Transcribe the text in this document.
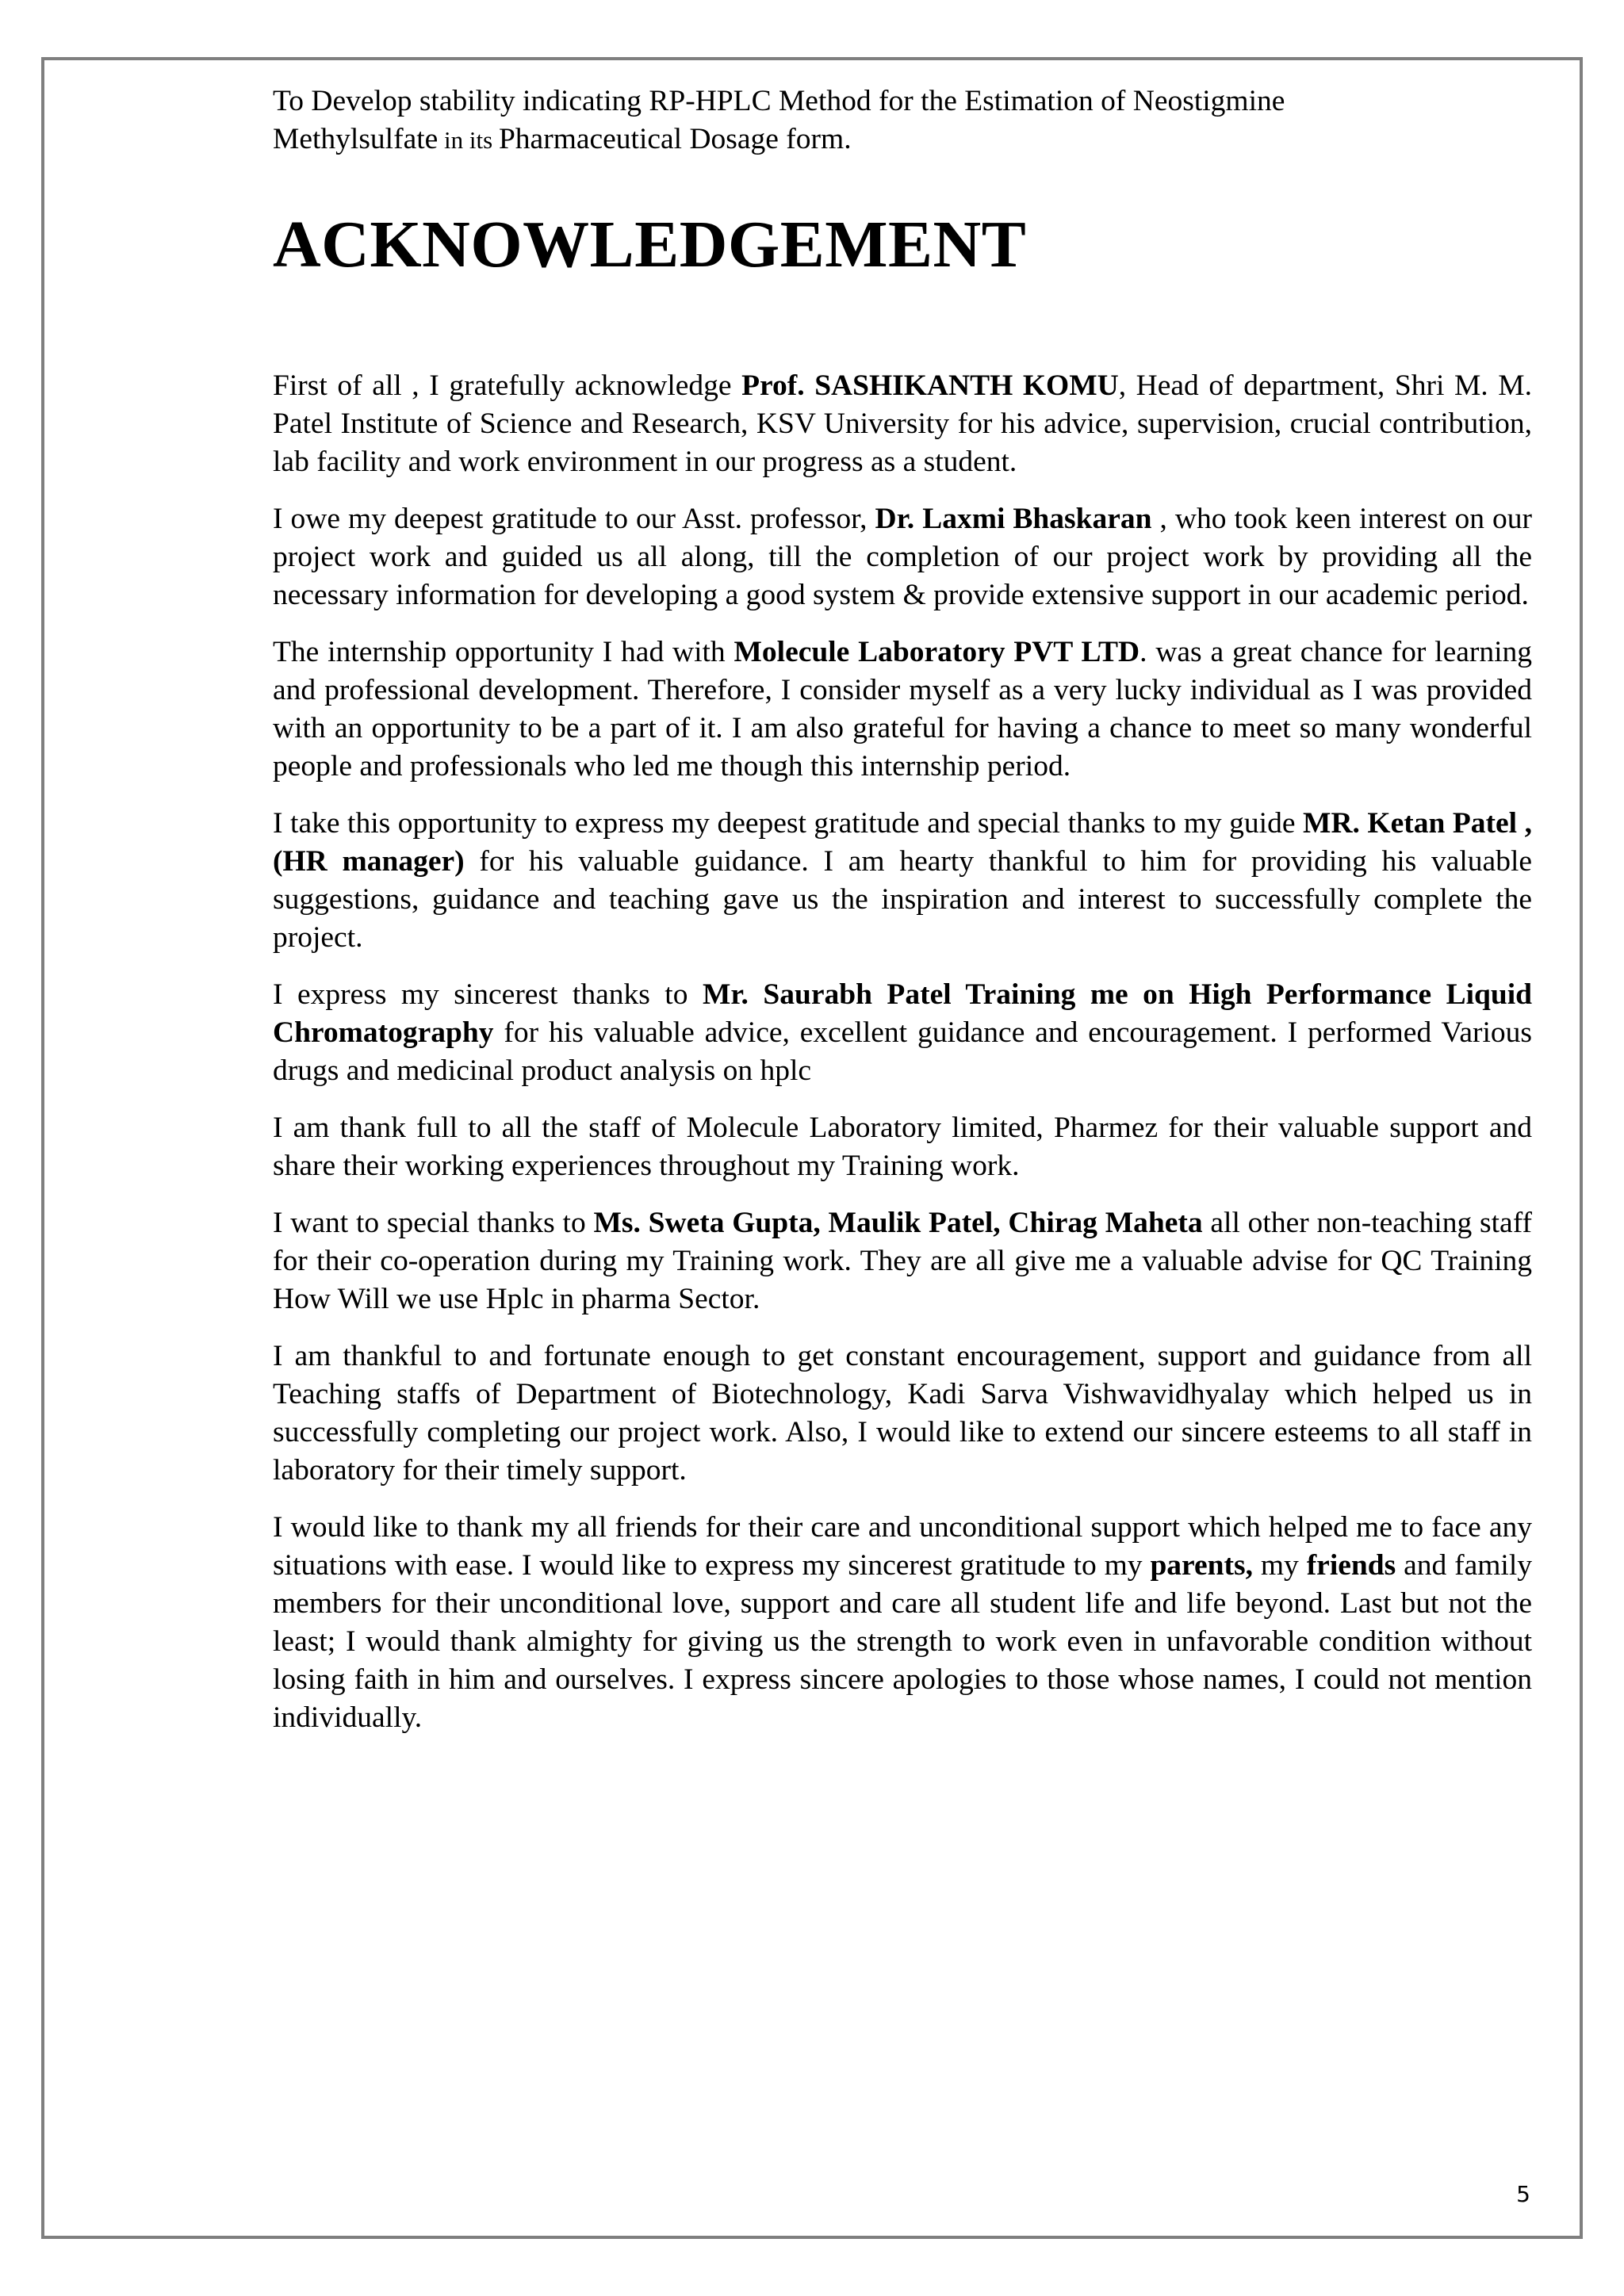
To Develop stability indicating RP-HPLC Method for the Estimation of Neostigmine

Methylsulfate in its Pharmaceutical Dosage form.

ACKNOWLEDGEMENT

First of all , I gratefully acknowledge Prof. SASHIKANTH KOMU, Head of department, Shri M. M. Patel Institute of Science and Research, KSV University for his advice, supervision, crucial contribution, lab facility and work environment in our progress as a student.

I owe my deepest gratitude to our Asst. professor, Dr. Laxmi Bhaskaran , who took keen interest on our project work and guided us all along, till the completion of our project work by providing all the necessary information for developing a good system & provide extensive support in our academic period.

The internship opportunity I had with Molecule Laboratory PVT LTD. was a great chance for learning and professional development. Therefore, I consider myself as a very lucky individual as I was provided with an opportunity to be a part of it. I am also grateful for having a chance to meet so many wonderful people and professionals who led me though this internship period.

I take this opportunity to express my deepest gratitude and special thanks to my guide MR. Ketan Patel , (HR manager) for his valuable guidance. I am hearty thankful to him for providing his valuable suggestions, guidance and teaching gave us the inspiration and interest to successfully complete the project.

I express my sincerest thanks to Mr. Saurabh Patel Training me on High Performance Liquid Chromatography for his valuable advice, excellent guidance and encouragement. I performed Various drugs and medicinal product analysis on hplc

I am thank full to all the staff of Molecule Laboratory limited, Pharmez for their valuable support and share their working experiences throughout my Training work.

I want to special thanks to Ms. Sweta Gupta, Maulik Patel, Chirag Maheta all other non-teaching staff for their co-operation during my Training work. They are all give me a valuable advise for QC Training How Will we use Hplc in pharma Sector.

I am thankful to and fortunate enough to get constant encouragement, support and guidance from all Teaching staffs of Department of Biotechnology, Kadi Sarva Vishwavidhyalay which helped us in successfully completing our project work. Also, I would like to extend our sincere esteems to all staff in laboratory for their timely support.

I would like to thank my all friends for their care and unconditional support which helped me to face any situations with ease. I would like to express my sincerest gratitude to my parents, my friends and family members for their unconditional love, support and care all student life and life beyond. Last but not the least; I would thank almighty for giving us the strength to work even in unfavorable condition without losing faith in him and ourselves. I express sincere apologies to those whose names, I could not mention individually.

5
